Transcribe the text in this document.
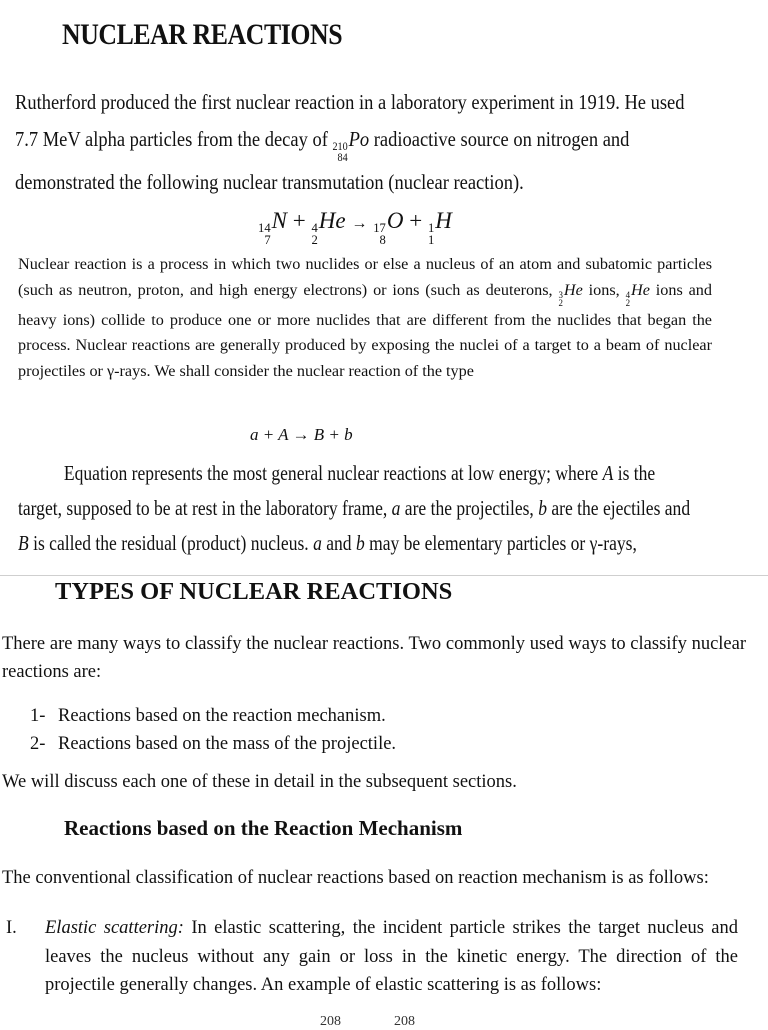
NUCLEAR REACTIONS
Rutherford produced the first nuclear reaction in a laboratory experiment in 1919. He used 7.7 MeV alpha particles from the decay of 210
84
Po radioactive source on nitrogen and demonstrated the following nuclear transmutation (nuclear reaction).
14
7
N + 4
2
He → 17
8
O + 1
1
H
Nuclear reaction is a process in which two nuclides or else a nucleus of an atom and subatomic particles (such as neutron, proton, and high energy electrons) or ions (such as deuterons, 3
2
He ions, 4
2
He ions and heavy ions) collide to produce one or more nuclides that are different from the nuclides that began the process. Nuclear reactions are generally produced by exposing the nuclei of a target to a beam of nuclear projectiles or γ-rays. We shall consider the nuclear reaction of the type
a + A → B + b
Equation represents the most general nuclear reactions at low energy; where A is the target, supposed to be at rest in the laboratory frame, a are the projectiles, b are the ejectiles and B is called the residual (product) nucleus. a and b may be elementary particles or γ-rays,
TYPES OF NUCLEAR REACTIONS
There are many ways to classify the nuclear reactions. Two commonly used ways to classify nuclear reactions are:
1- Reactions based on the reaction mechanism.
2- Reactions based on the mass of the projectile.
We will discuss each one of these in detail in the subsequent sections.
Reactions based on the Reaction Mechanism
The conventional classification of nuclear reactions based on reaction mechanism is as follows:
I. Elastic scattering: In elastic scattering, the incident particle strikes the target nucleus and leaves the nucleus without any gain or loss in the kinetic energy. The direction of the projectile generally changes. An example of elastic scattering is as follows:
208	208
